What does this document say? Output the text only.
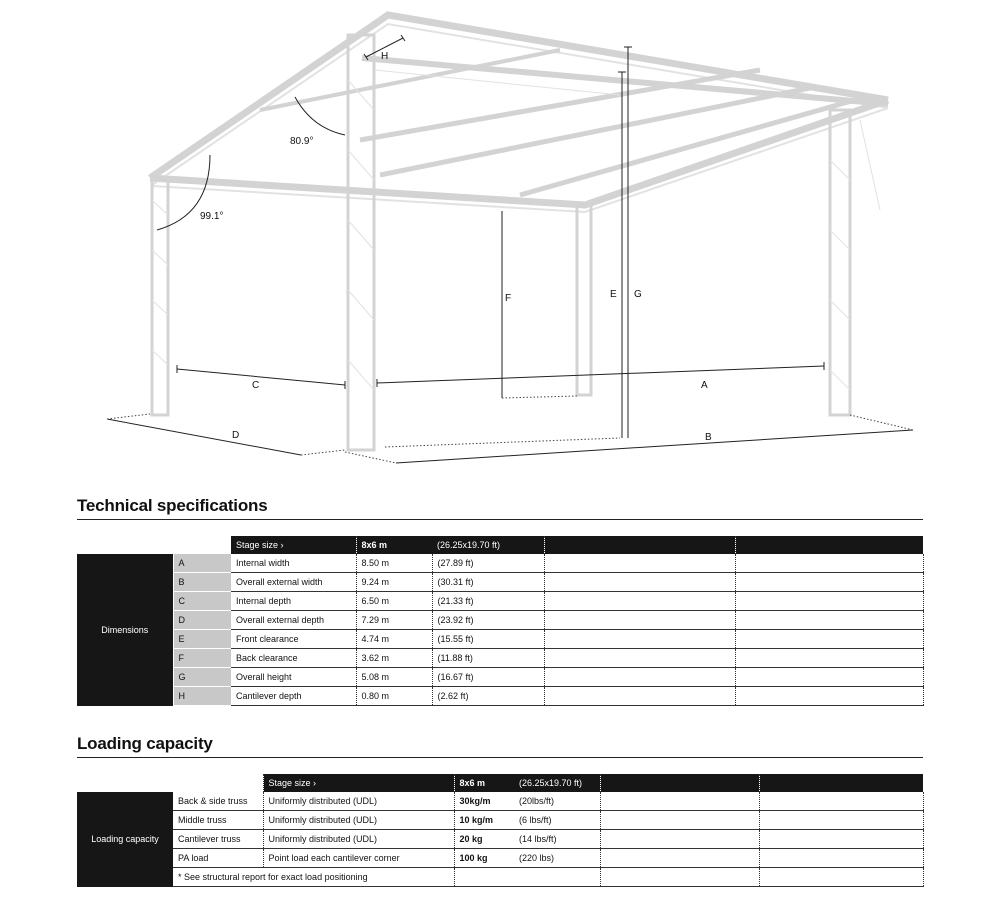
H
80.9°
99.1°
F	E G
C	A
D	B
Technical specifications
		Stage size ›	8x6 m	(26.25x19.70 ft)		
Dimensions	A	Internal width	8.50 m	(27.89 ft)		
	B	Overall external width	9.24 m	(30.31 ft)		
	C	Internal depth	6.50 m	(21.33 ft)		
	D	Overall external depth	7.29 m	(23.92 ft)		
	E	Front clearance	4.74 m	(15.55 ft)		
	F	Back clearance	3.62 m	(11.88 ft)		
	G	Overall height	5.08 m	(16.67 ft)		
	H	Cantilever depth	0.80 m	(2.62 ft)		
Loading capacity
		Stage size ›	8x6 m	(26.25x19.70 ft)		
Loading capacity	Back & side truss	Uniformly distributed (UDL)	30kg/m	(20lbs/ft)		
	Middle truss	Uniformly distributed (UDL)	10 kg/m	(6 lbs/ft)		
	Cantilever truss	Uniformly distributed (UDL)	20 kg	(14 lbs/ft)		
	PA load	Point load each cantilever corner	100 kg	(220 lbs)		
	* See structural report for exact load positioning					
